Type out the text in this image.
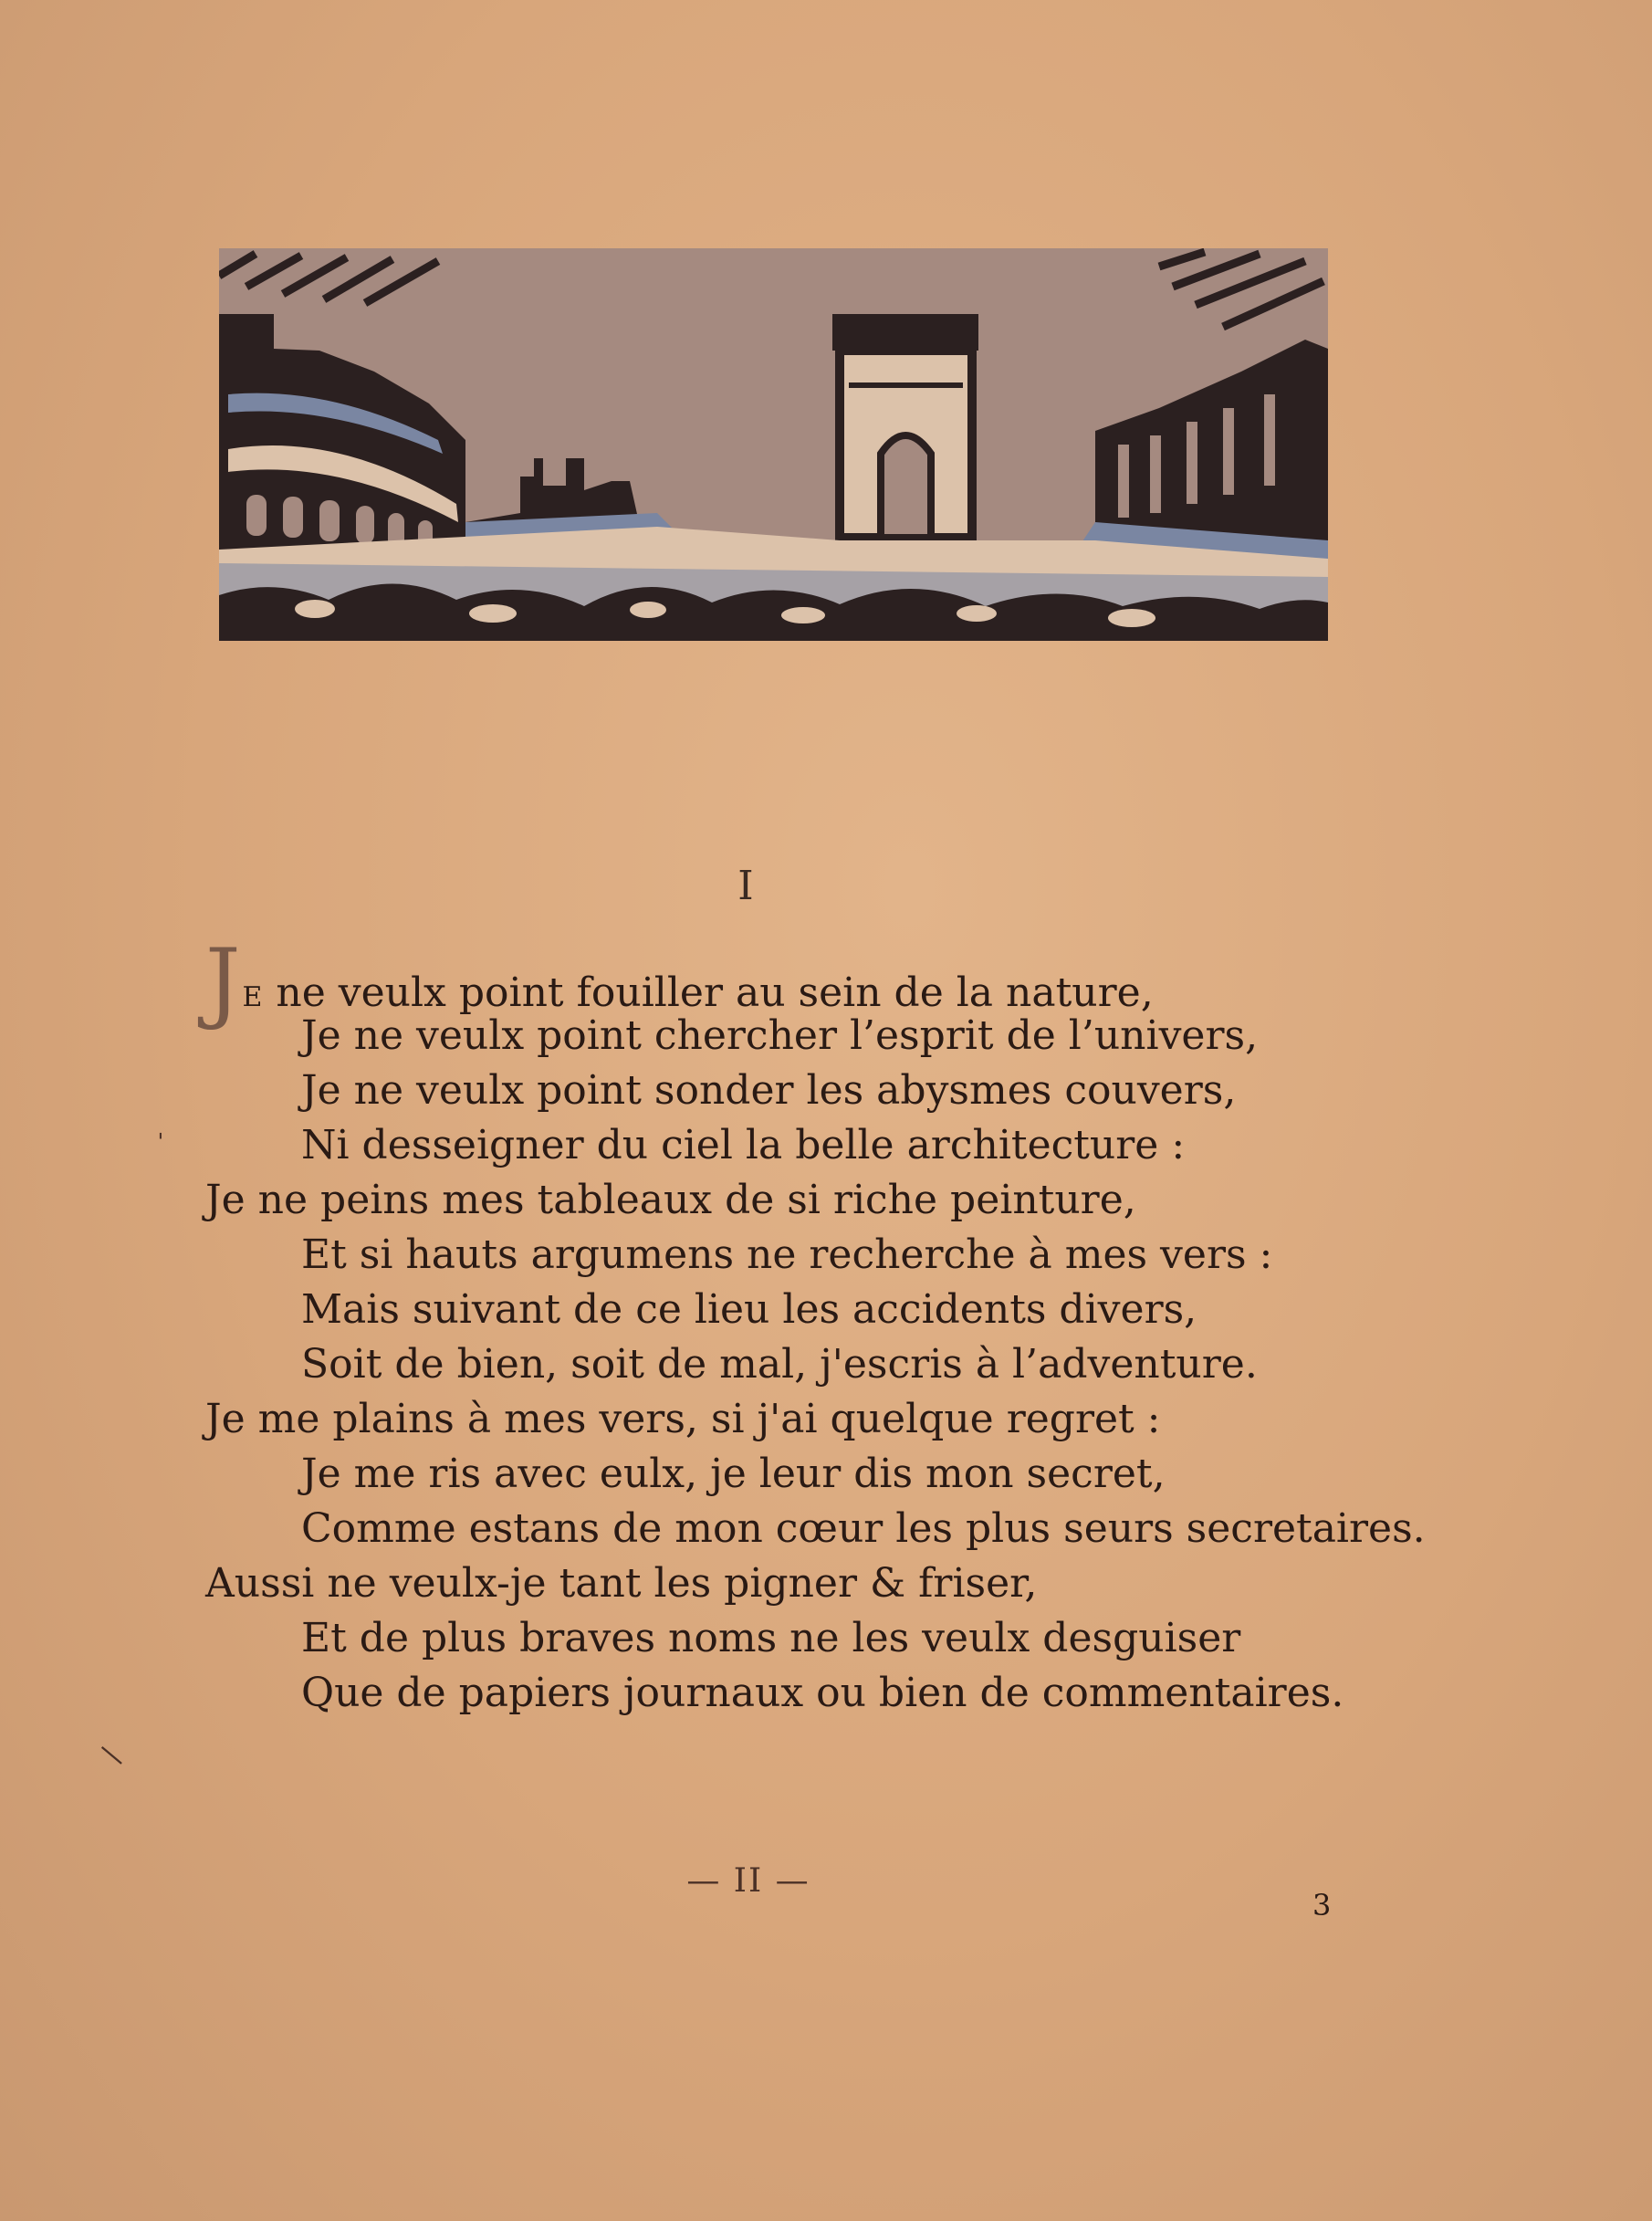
I
JE ne veulx point fouiller au sein de la nature,
Je ne veulx point chercher l’esprit de l’univers,
Je ne veulx point sonder les abysmes couvers,
Ni desseigner du ciel la belle architecture :
Je ne peins mes tableaux de si riche peinture,
Et si hauts argumens ne recherche à mes vers :
Mais suivant de ce lieu les accidents divers,
Soit de bien, soit de mal, j'escris à l’adventure.
Je me plains à mes vers, si j'ai quelque regret :
Je me ris avec eulx, je leur dis mon secret,
Comme estans de mon cœur les plus seurs secretaires.
Aussi ne veulx-je tant les pigner & friser,
Et de plus braves noms ne les veulx desguiser
Que de papiers journaux ou bien de commentaires.
— II —
3
ˌ
|
